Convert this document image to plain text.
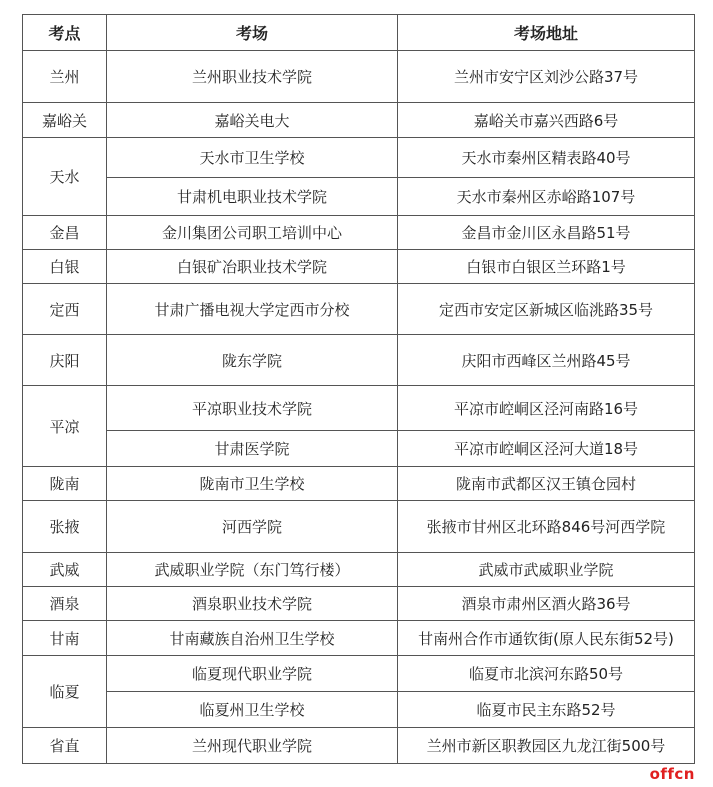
考点	考场	考场地址
兰州	兰州职业技术学院	兰州市安宁区刘沙公路37号
嘉峪关	嘉峪关电大	嘉峪关市嘉兴西路6号
天水	天水市卫生学校	天水市秦州区精表路40号
	甘肃机电职业技术学院	天水市秦州区赤峪路107号
金昌	金川集团公司职工培训中心	金昌市金川区永昌路51号
白银	白银矿冶职业技术学院	白银市白银区兰环路1号
定西	甘肃广播电视大学定西市分校	定西市安定区新城区临洮路35号
庆阳	陇东学院	庆阳市西峰区兰州路45号
平凉	平凉职业技术学院	平凉市崆峒区泾河南路16号
	甘肃医学院	平凉市崆峒区泾河大道18号
陇南	陇南市卫生学校	陇南市武都区汉王镇仓园村
张掖	河西学院	张掖市甘州区北环路846号河西学院
武威	武威职业学院（东门笃行楼）	武威市武威职业学院
酒泉	酒泉职业技术学院	酒泉市肃州区酒火路36号
甘南	甘南藏族自治州卫生学校	甘南州合作市通钦街(原人民东街52号)
临夏	临夏现代职业学院	临夏市北滨河东路50号
	临夏州卫生学校	临夏市民主东路52号
省直	兰州现代职业学院	兰州市新区职教园区九龙江街500号
offcn
